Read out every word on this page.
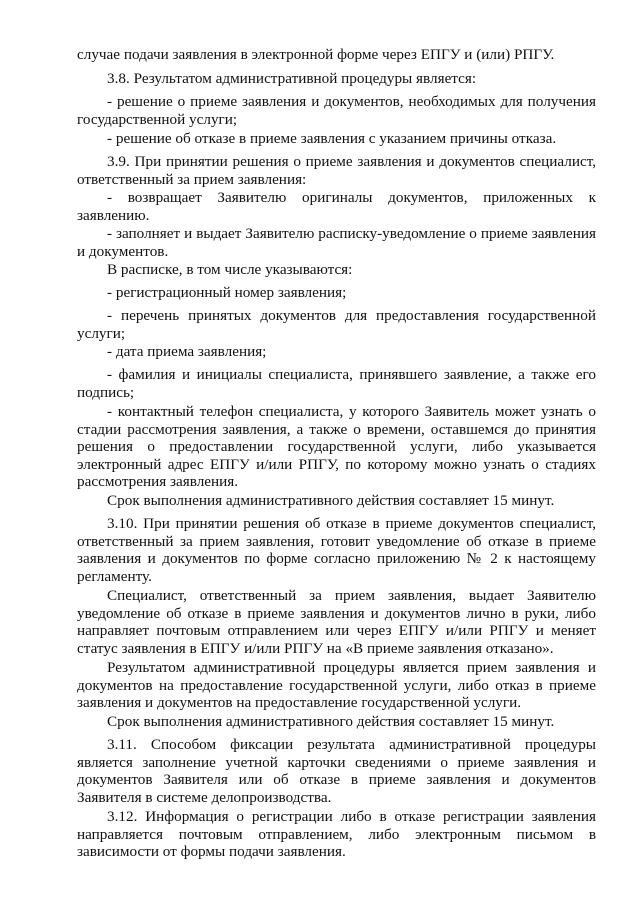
случае подачи заявления в электронной форме через ЕПГУ и (или) РПГУ.

3.8. Результатом административной процедуры является:

- решение о приеме заявления и документов, необходимых для получения государственной услуги;

- решение об отказе в приеме заявления с указанием причины отказа.

3.9. При принятии решения о приеме заявления и документов специалист, ответственный за прием заявления:

- возвращает Заявителю оригиналы документов, приложенных к заявлению.

- заполняет и выдает Заявителю расписку-уведомление о приеме заявления и документов.

В расписке, в том числе указываются:

- регистрационный номер заявления;

- перечень принятых документов для предоставления государственной услуги;

- дата приема заявления;

- фамилия и инициалы специалиста, принявшего заявление, а также его подпись;

- контактный телефон специалиста, у которого Заявитель может узнать о стадии рассмотрения заявления, а также о времени, оставшемся до принятия решения о предоставлении государственной услуги, либо указывается электронный адрес ЕПГУ и/или РПГУ, по которому можно узнать о стадиях рассмотрения заявления.

Срок выполнения административного действия составляет 15 минут.

3.10. При принятии решения об отказе в приеме документов специалист, ответственный за прием заявления, готовит уведомление об отказе в приеме заявления и документов по форме согласно приложению № 2 к настоящему регламенту.

Специалист, ответственный за прием заявления, выдает Заявителю уведомление об отказе в приеме заявления и документов лично в руки, либо направляет почтовым отправлением или через ЕПГУ и/или РПГУ и меняет статус заявления в ЕПГУ и/или РПГУ на «В приеме заявления отказано».

Результатом административной процедуры является прием заявления и документов на предоставление государственной услуги, либо отказ в приеме заявления и документов на предоставление государственной услуги.

Срок выполнения административного действия составляет 15 минут.

3.11. Способом фиксации результата административной процедуры является заполнение учетной карточки сведениями о приеме заявления и документов Заявителя или об отказе в приеме заявления и документов Заявителя в системе делопроизводства.

3.12. Информация о регистрации либо в отказе регистрации заявления направляется почтовым отправлением, либо электронным письмом в зависимости от формы подачи заявления.
